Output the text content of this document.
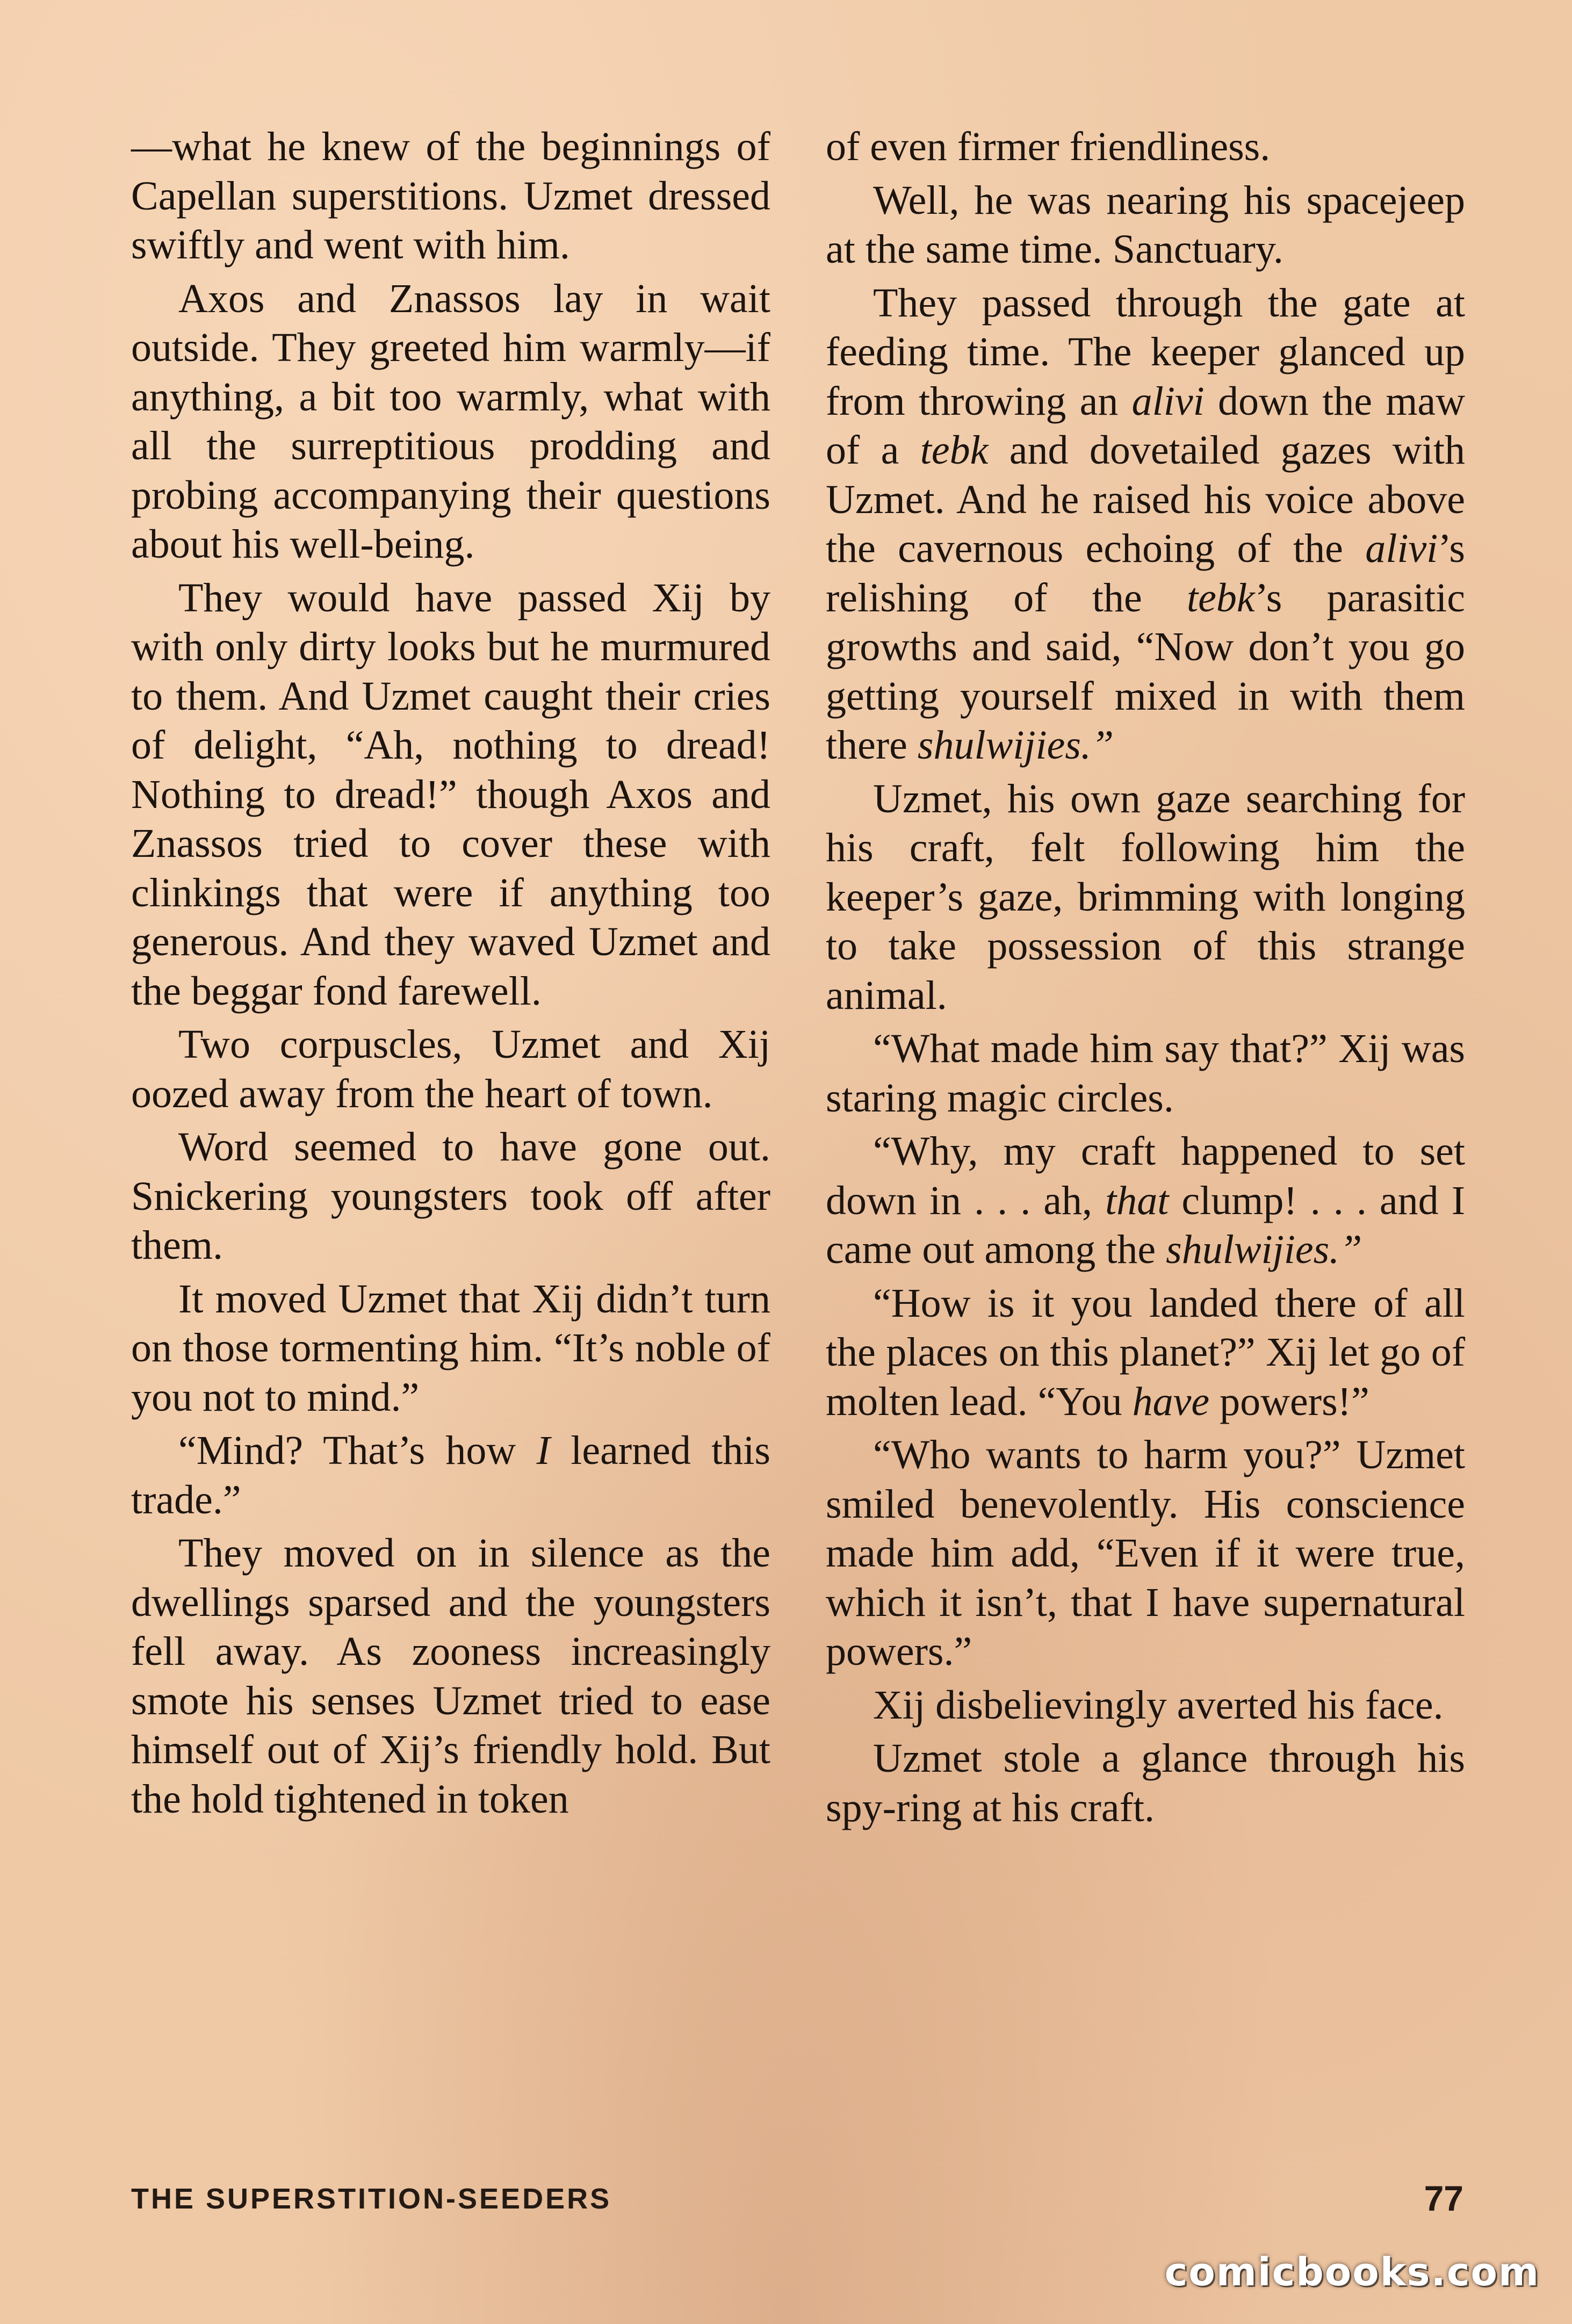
—what he knew of the beginnings of Capellan superstitions. Uzmet dressed swiftly and went with him.

Axos and Znassos lay in wait outside. They greeted him warmly—if anything, a bit too warmly, what with all the surreptitious prodding and probing accompanying their questions about his well-being.

They would have passed Xij by with only dirty looks but he murmured to them. And Uzmet caught their cries of delight, “Ah, nothing to dread! Nothing to dread!” though Axos and Znassos tried to cover these with clinkings that were if anything too generous. And they waved Uzmet and the beggar fond farewell.

Two corpuscles, Uzmet and Xij oozed away from the heart of town.

Word seemed to have gone out. Snickering youngsters took off after them.

It moved Uzmet that Xij didn’t turn on those tormenting him. “It’s noble of you not to mind.”

“Mind? That’s how I learned this trade.”

They moved on in silence as the dwellings sparsed and the youngsters fell away. As zooness increasingly smote his senses Uzmet tried to ease himself out of Xij’s friendly hold. But the hold tightened in token

of even firmer friendliness.

Well, he was nearing his spacejeep at the same time. Sanctuary.

They passed through the gate at feeding time. The keeper glanced up from throwing an alivi down the maw of a tebk and dovetailed gazes with Uzmet. And he raised his voice above the cavernous echoing of the alivi’s relishing of the tebk’s parasitic growths and said, “Now don’t you go getting yourself mixed in with them there shulwijies.”

Uzmet, his own gaze searching for his craft, felt following him the keeper’s gaze, brimming with longing to take possession of this strange animal.

“What made him say that?” Xij was staring magic circles.

“Why, my craft happened to set down in . . . ah, that clump! . . . and I came out among the shulwijies.”

“How is it you landed there of all the places on this planet?” Xij let go of molten lead. “You have powers!”

“Who wants to harm you?” Uzmet smiled benevolently. His conscience made him add, “Even if it were true, which it isn’t, that I have supernatural powers.”

Xij disbelievingly averted his face.

Uzmet stole a glance through his spy-ring at his craft.

THE SUPERSTITION-SEEDERS	77
comicbooks.com
